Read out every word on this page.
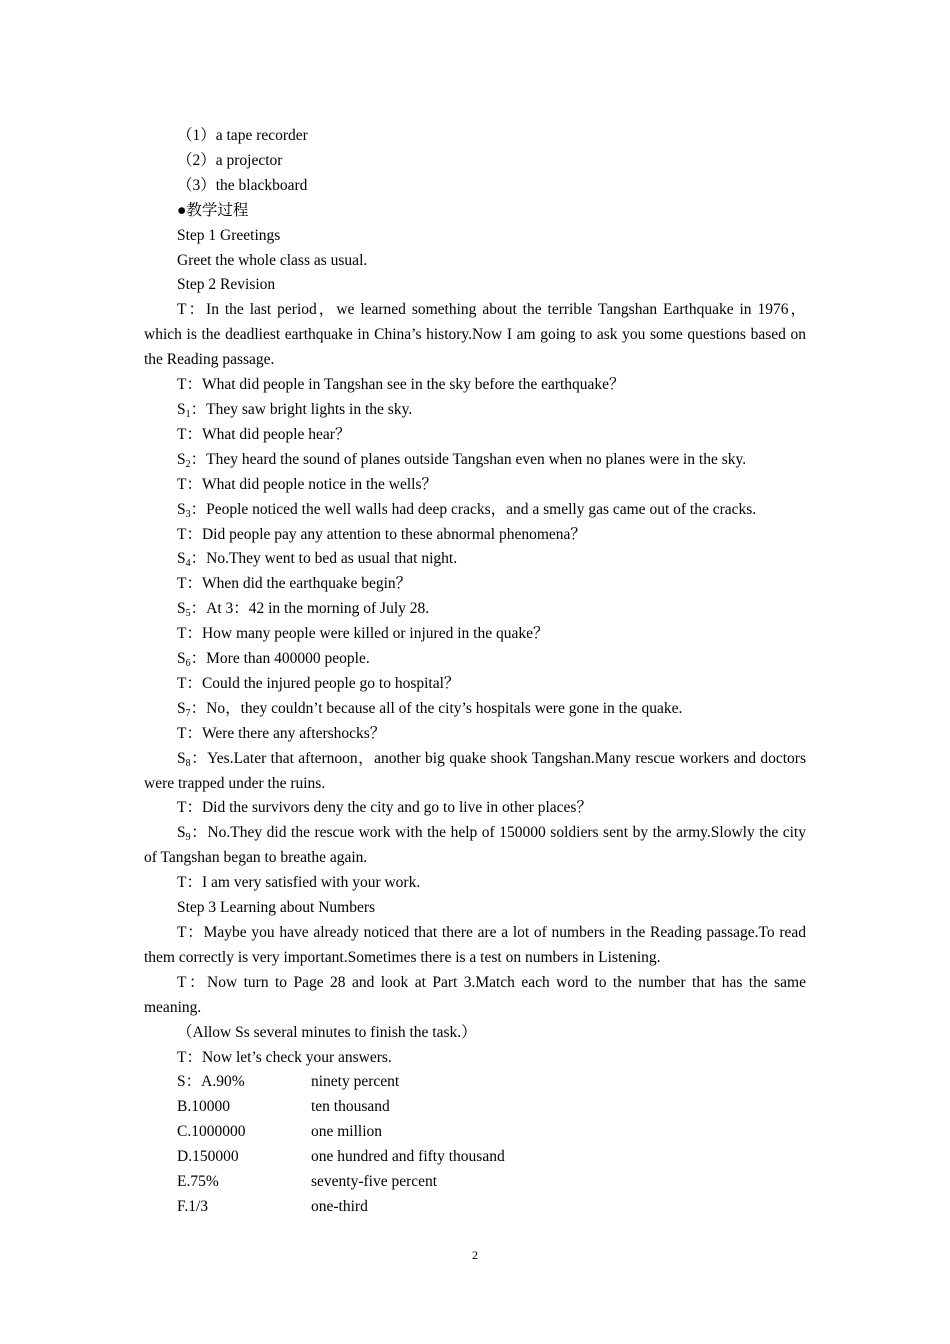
（1）a tape recorder

（2）a projector

（3）the blackboard

●教学过程

Step 1 Greetings

Greet the whole class as usual.

Step 2 Revision

T：In the last period，we learned something about the terrible Tangshan Earthquake in 1976，which is the deadliest earthquake in China’s history.Now I am going to ask you some questions based on the Reading passage.

T：What did people in Tangshan see in the sky before the earthquake？

$S_1$：They saw bright lights in the sky.

T：What did people hear？

$S_2$：They heard the sound of planes outside Tangshan even when no planes were in the sky.

T：What did people notice in the wells？

$S_3$：People noticed the well walls had deep cracks，and a smelly gas came out of the cracks.

T：Did people pay any attention to these abnormal phenomena？

$S_4$：No.They went to bed as usual that night.

T：When did the earthquake begin？

$S_5$：At 3：42 in the morning of July 28.

T：How many people were killed or injured in the quake？

$S_6$：More than 400000 people.

T：Could the injured people go to hospital？

$S_7$：No，they couldn’t because all of the city’s hospitals were gone in the quake.

T：Were there any aftershocks？

$S_8$：Yes.Later that afternoon，another big quake shook Tangshan.Many rescue workers and doctors were trapped under the ruins.

T：Did the survivors deny the city and go to live in other places？

$S_9$：No.They did the rescue work with the help of 150000 soldiers sent by the army.Slowly the city of Tangshan began to breathe again.

T：I am very satisfied with your work.

Step 3 Learning about Numbers

T：Maybe you have already noticed that there are a lot of numbers in the Reading passage.To read them correctly is very important.Sometimes there is a test on numbers in Listening.

T：Now turn to Page 28 and look at Part 3.Match each word to the number that has the same meaning.

（Allow Ss several minutes to finish the task.）

T：Now let’s check your answers.

S：A.90%	ninety percent
B.10000	ten thousand
C.1000000	one million
D.150000	one hundred and fifty thousand
E.75%	seventy-five percent
F.1/3	one-third
2
